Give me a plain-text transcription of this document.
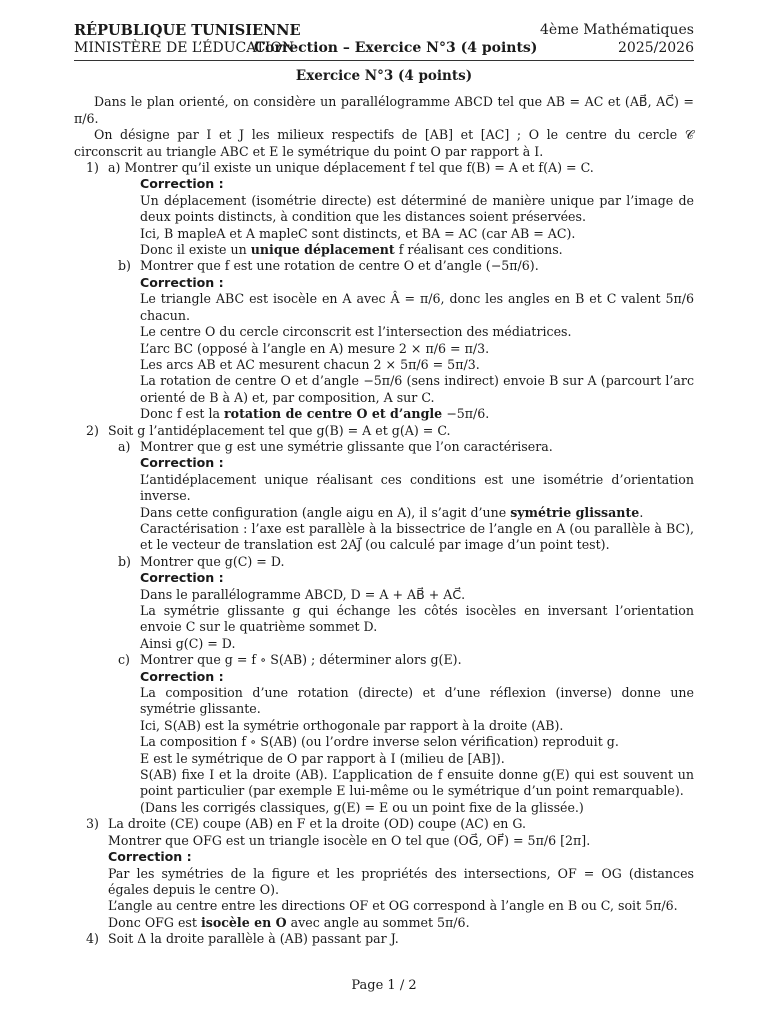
RÉPUBLIQUE TUNISIENNE
MINISTÈRE DE L’ÉDUCATION
Correction – Exercice N°3 (4 points)
4ème Mathématiques
2025/2026
Exercice N°3 (4 points)
Dans le plan orienté, on considère un parallélogramme ABCD tel que AB = AC et (AB⃗, AC⃗) = π/6.
On désigne par I et J les milieux respectifs de [AB] et [AC] ; O le centre du cercle 𝒞 circonscrit au triangle ABC et E le symétrique du point O par rapport à I.
1) a) Montrer qu’il existe un unique déplacement f tel que f(B) = A et f(A) = C.
Correction :
Un déplacement (isométrie directe) est déterminé de manière unique par l’image de deux points distincts, à condition que les distances soient préservées.
Ici, B mapleA et A mapleC sont distincts, et BA = AC (car AB = AC).
Donc il existe un unique déplacement f réalisant ces conditions.
b) Montrer que f est une rotation de centre O et d’angle (−5π/6).
Correction :
Le triangle ABC est isocèle en A avec Â = π/6, donc les angles en B et C valent 5π/6 chacun.
Le centre O du cercle circonscrit est l’intersection des médiatrices.
L’arc BC (opposé à l’angle en A) mesure 2 × π/6 = π/3.
Les arcs AB et AC mesurent chacun 2 × 5π/6 = 5π/3.
La rotation de centre O et d’angle −5π/6 (sens indirect) envoie B sur A (parcourt l’arc orienté de B à A) et, par composition, A sur C.
Donc f est la rotation de centre O et d’angle −5π/6.
2) Soit g l’antidéplacement tel que g(B) = A et g(A) = C.
a) Montrer que g est une symétrie glissante que l’on caractérisera.
Correction :
L’antidéplacement unique réalisant ces conditions est une isométrie d’orientation inverse.
Dans cette configuration (angle aigu en A), il s’agit d’une symétrie glissante.
Caractérisation : l’axe est parallèle à la bissectrice de l’angle en A (ou parallèle à BC), et le vecteur de translation est 2AJ⃗ (ou calculé par image d’un point test).
b) Montrer que g(C) = D.
Correction :
Dans le parallélogramme ABCD, D = A + AB⃗ + AC⃗.
La symétrie glissante g qui échange les côtés isocèles en inversant l’orientation envoie C sur le quatrième sommet D.
Ainsi g(C) = D.
c) Montrer que g = f ∘ S(AB) ; déterminer alors g(E).
Correction :
La composition d’une rotation (directe) et d’une réflexion (inverse) donne une symétrie glissante.
Ici, S(AB) est la symétrie orthogonale par rapport à la droite (AB).
La composition f ∘ S(AB) (ou l’ordre inverse selon vérification) reproduit g.
E est le symétrique de O par rapport à I (milieu de [AB]).
S(AB) fixe I et la droite (AB). L’application de f ensuite donne g(E) qui est souvent un point particulier (par exemple E lui-même ou le symétrique d’un point remarquable).
(Dans les corrigés classiques, g(E) = E ou un point fixe de la glissée.)
3) La droite (CE) coupe (AB) en F et la droite (OD) coupe (AC) en G.
Montrer que OFG est un triangle isocèle en O tel que (OG⃗, OF⃗) = 5π/6 [2π].
Correction :
Par les symétries de la figure et les propriétés des intersections, OF = OG (distances égales depuis le centre O).
L’angle au centre entre les directions OF et OG correspond à l’angle en B ou C, soit 5π/6.
Donc OFG est isocèle en O avec angle au sommet 5π/6.
4) Soit Δ la droite parallèle à (AB) passant par J.
Page 1 / 2
